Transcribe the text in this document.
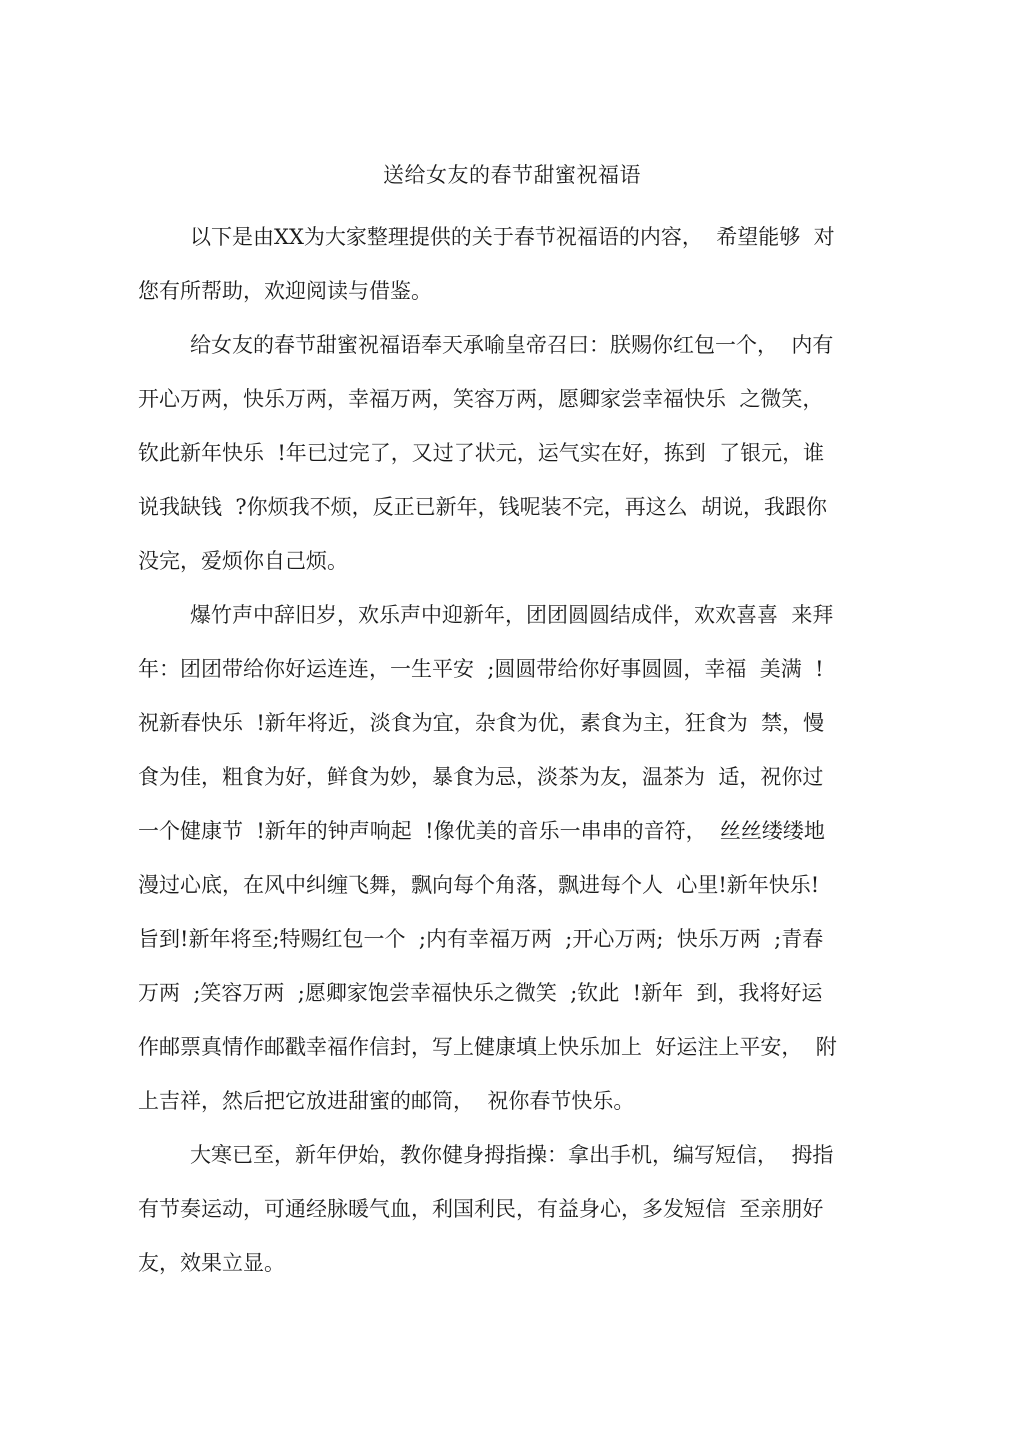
送给女友的春节甜蜜祝福语
以下是由XX为大家整理提供的关于春节祝福语的内容，  希望能够  对
您有所帮助，欢迎阅读与借鉴。
给女友的春节甜蜜祝福语奉天承喻皇帝召曰：朕赐你红包一个，  内有
开心万两，快乐万两，幸福万两，笑容万两，愿卿家尝幸福快乐  之微笑，
钦此新年快乐  !年已过完了，又过了状元，运气实在好，拣到  了银元，谁
说我缺钱  ?你烦我不烦，反正已新年，钱呢装不完，再这么  胡说，我跟你
没完，爱烦你自己烦。
爆竹声中辞旧岁，欢乐声中迎新年，团团圆圆结成伴，欢欢喜喜  来拜
年：团团带给你好运连连，一生平安  ;圆圆带给你好事圆圆，幸福  美满  !
祝新春快乐  !新年将近，淡食为宜，杂食为优，素食为主，狂食为  禁，慢
食为佳，粗食为好，鲜食为妙，暴食为忌，淡茶为友，温茶为  适，祝你过
一个健康节  !新年的钟声响起  !像优美的音乐一串串的音符，  丝丝缕缕地
漫过心底，在风中纠缠飞舞，飘向每个角落，飘进每个人  心里!新年快乐!
旨到!新年将至;特赐红包一个  ;内有幸福万两  ;开心万两;  快乐万两  ;青春
万两  ;笑容万两  ;愿卿家饱尝幸福快乐之微笑  ;钦此  !新年  到，我将好运
作邮票真情作邮戳幸福作信封，写上健康填上快乐加上  好运注上平安，  附
上吉祥，然后把它放进甜蜜的邮筒，  祝你春节快乐。
大寒已至，新年伊始，教你健身拇指操：拿出手机，编写短信，  拇指
有节奏运动，可通经脉暖气血，利国利民，有益身心，多发短信  至亲朋好
友，效果立显。
